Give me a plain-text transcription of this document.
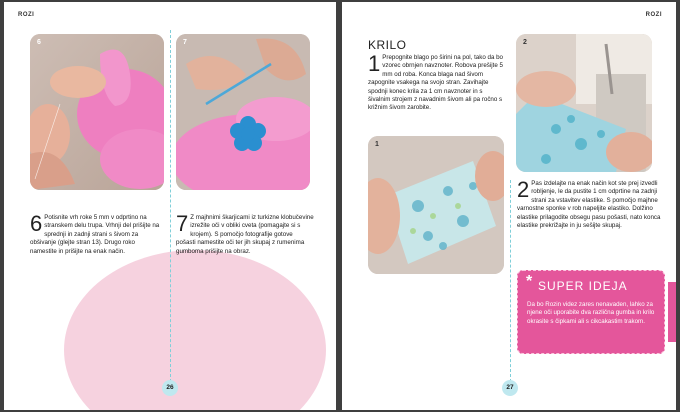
ROZI
6	7
6 Potisnite vrh roke 5 mm v odprtino na stranskem delu trupa. Vrhnji del prišijte na sprednji in zadnji strani s šivom za obšivanje (glejte stran 13). Drugo roko namestite in prišijte na enak način.
7 Z majhnimi škarjicami iz turkizne klobučevine izrežite oči v obliki cveta (pomagajte si s krojem). S pomočjo fotografije gotove pošasti namestite oči ter jih skupaj z rumenima gumboma prišijte na obraz.
26
ROZI
KRILO
1 Prepognite blago po širini na pol, tako da bo vzorec obrnjen navznoter. Robova prešijte 5 mm od roba. Konca blaga nad šivom zapognite vsakega na svojo stran. Zavihajte spodnji konec krila za 1 cm navznoter in s šivalnim strojem z navadnim šivom ali pa ročno s križnim šivom zarobite.
2
1
2 Pas izdelajte na enak način kot ste prej izvedli robljenje, le da pustite 1 cm odprtine na zadnji strani za vstavitev elastike. S pomočjo majhne varnostne sponke v rob napeljite elastiko. Dolžino elastike prilagodite obsegu pasu pošasti, nato konca elastike prekrižajte in ju sešijte skupaj.
* SUPER IDEJA
Da bo Rozin videz zares nenavaden, lahko za njene oči uporabite dva različna gumba in krilo okrasite s čipkami ali s cikcakastim trakom.
27
